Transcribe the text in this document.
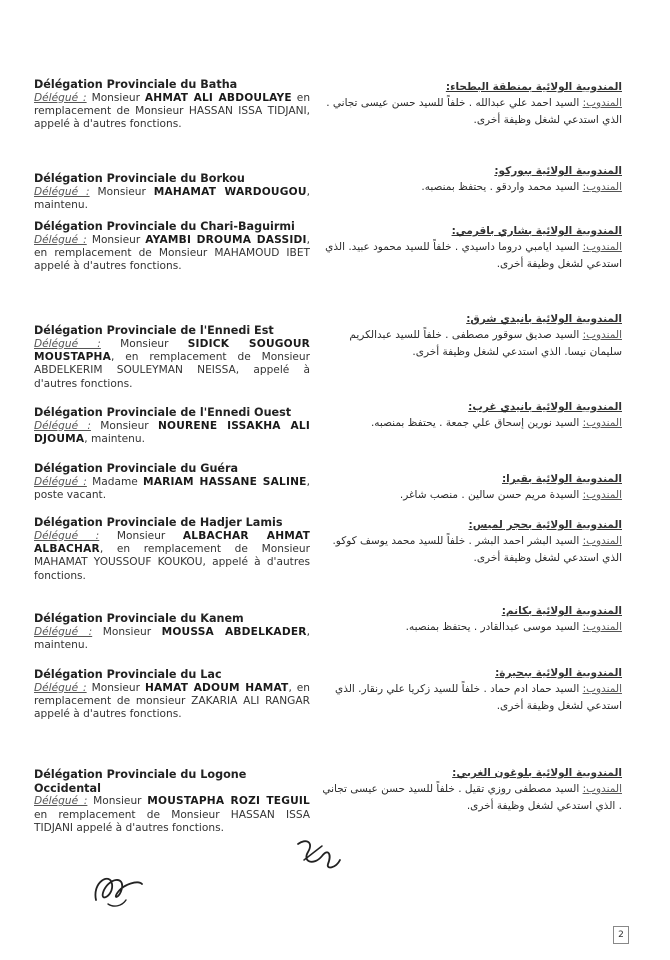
Délégation Provinciale du Batha
Délégué : Monsieur AHMAT ALI ABDOULAYE en remplacement de Monsieur HASSAN ISSA TIDJANI, appelé à d'autres fonctions.
Délégation Provinciale du Borkou
Délégué : Monsieur MAHAMAT WARDOUGOU, maintenu.
Délégation Provinciale du Chari-Baguirmi
Délégué : Monsieur AYAMBI DROUMA DASSIDI, en remplacement de Monsieur MAHAMOUD IBET appelé à d'autres fonctions.
Délégation Provinciale de l'Ennedi Est
Délégué : Monsieur SIDICK SOUGOUR MOUSTAPHA, en remplacement de Monsieur ABDELKERIM SOULEYMAN NEISSA, appelé à d'autres fonctions.
Délégation Provinciale de l'Ennedi Ouest
Délégué : Monsieur NOURENE ISSAKHA ALI DJOUMA, maintenu.
Délégation Provinciale du Guéra
Délégué : Madame MARIAM HASSANE SALINE, poste vacant.
Délégation Provinciale de Hadjer Lamis
Délégué : Monsieur ALBACHAR AHMAT ALBACHAR, en remplacement de Monsieur MAHAMAT YOUSSOUF KOUKOU, appelé à d'autres fonctions.
Délégation Provinciale du Kanem
Délégué : Monsieur MOUSSA ABDELKADER, maintenu.
Délégation Provinciale du Lac
Délégué : Monsieur HAMAT ADOUM HAMAT, en remplacement de monsieur ZAKARIA ALI RANGAR appelé à d'autres fonctions.
Délégation Provinciale du Logone Occidental
Délégué : Monsieur MOUSTAPHA ROZI TEGUIL en remplacement de Monsieur HASSAN ISSA TIDJANI appelé à d'autres fonctions.
المندوبية الولائية بمنطقة البطحاء:
المندوب: السيد احمد علي عبدالله . خلفاً للسيد حسن عيسى تجاني . الذي استدعي لشغل وظيفة أخرى.
المندوبية الولائية ببوركو:
المندوب: السيد محمد واردقو . يحتفظ بمنصبه.
المندوبية الولائية بشاري باقرمي:
المندوب: السيد ايامبي دروما داسيدي . خلفاً للسيد محمود عبيد. الذي استدعي لشغل وظيفة أخرى.
المندوبية الولائية بانيدي شرق:
المندوب: السيد صديق سوقور مصطفى . خلفاً للسيد عبدالكريم سليمان نيسا. الذي استدعي لشغل وظيفة أخرى.
المندوبية الولائية بانيدي غرب:
المندوب: السيد نورين إسحاق علي جمعة . يحتفظ بمنصبه.
المندوبية الولائية بقيرا:
المندوب: السيدة مريم حسن سالين . منصب شاغر.
المندوبية الولائية بحجر لميس:
المندوب: السيد البشر احمد البشر . خلفاً للسيد محمد يوسف كوكو. الذي استدعي لشغل وظيفة أخرى.
المندوبية الولائية بكانم:
المندوب: السيد موسى عبدالقادر . يحتفظ بمنصبه.
المندوبية الولائية ببحيرة:
المندوب: السيد حماد ادم حماد . خلفاً للسيد زكريا علي رنقار. الذي استدعي لشغل وظيفة أخرى.
المندوبية الولائية بلوغون الغربي:
المندوب: السيد مصطفى روزي تقيل . خلفاً للسيد حسن عيسى تجاني . الذي استدعي لشغل وظيفة أخرى.
2
